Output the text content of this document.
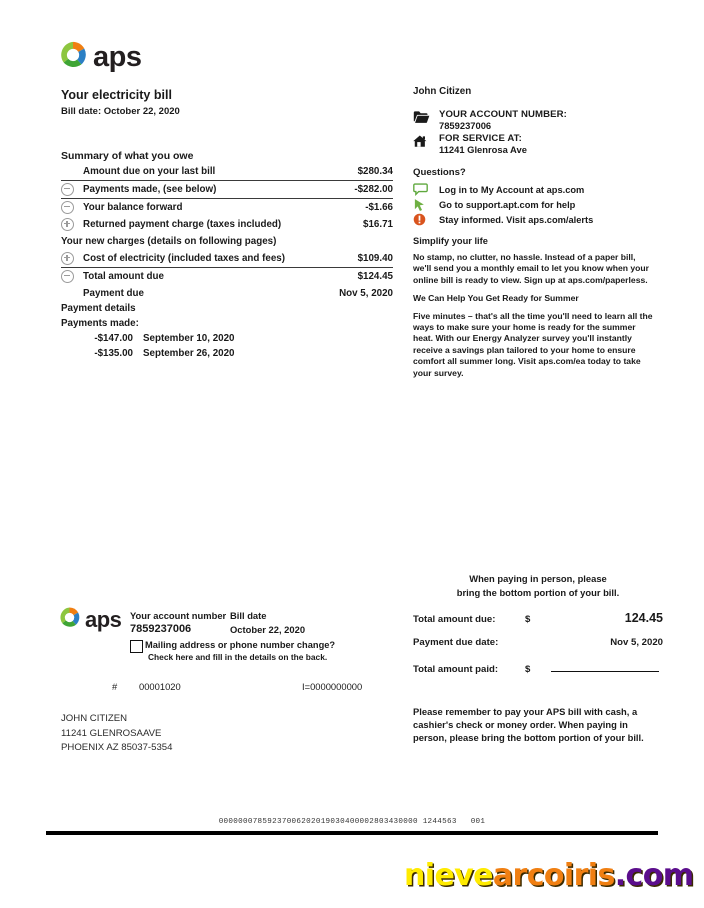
aps
Your electricity bill
Bill date: October 22, 2020
Summary of what you owe
Amount due on your last bill	$280.34
Payments made, (see below)	-$282.00
Your balance forward	-$1.66
Returned payment charge (taxes included)	$16.71
Your new charges (details on following pages)
Cost of electricity (included taxes and fees)	$109.40
Total amount due	$124.45
Payment due	Nov 5, 2020
Payment details
Payments made:
-$147.00	September 10, 2020
-$135.00	September 26, 2020
John Citizen
YOUR ACCOUNT NUMBER:
7859237006
FOR SERVICE AT:
11241 Glenrosa Ave
Questions?
Log in to My Account at aps.com
Go to support.apt.com for help
Stay informed. Visit aps.com/alerts
Simplify your life
No stamp, no clutter, no hassle. Instead of a paper bill, we'll send you a monthly email to let you know when your online bill is ready to view. Sign up at aps.com/paperless.
We Can Help You Get Ready for Summer
Five minutes – that's all the time you'll need to learn all the ways to make sure your home is ready for the summer heat. With our Energy Analyzer survey you'll instantly receive a savings plan tailored to your home to ensure comfort all summer long. Visit aps.com/ea today to take your survey.
aps Your account number Bill date
7859237006	October 22, 2020
Mailing address or phone number change?
Check here and fill in the details on the back.
# 00001020	I=0000000000
JOHN CITIZEN
11241 GLENROSAAVE
PHOENIX AZ 85037-5354
When paying in person, please
bring the bottom portion of your bill.
Total amount due:	$	124.45
Payment due date:	Nov 5, 2020
Total amount paid:	$
Please remember to pay your APS bill with cash, a cashier's check or money order. When paying in person, please bring the bottom portion of your bill.
00000007859237006202019030400002803430000 1244563 001
nievearcoiris.com
